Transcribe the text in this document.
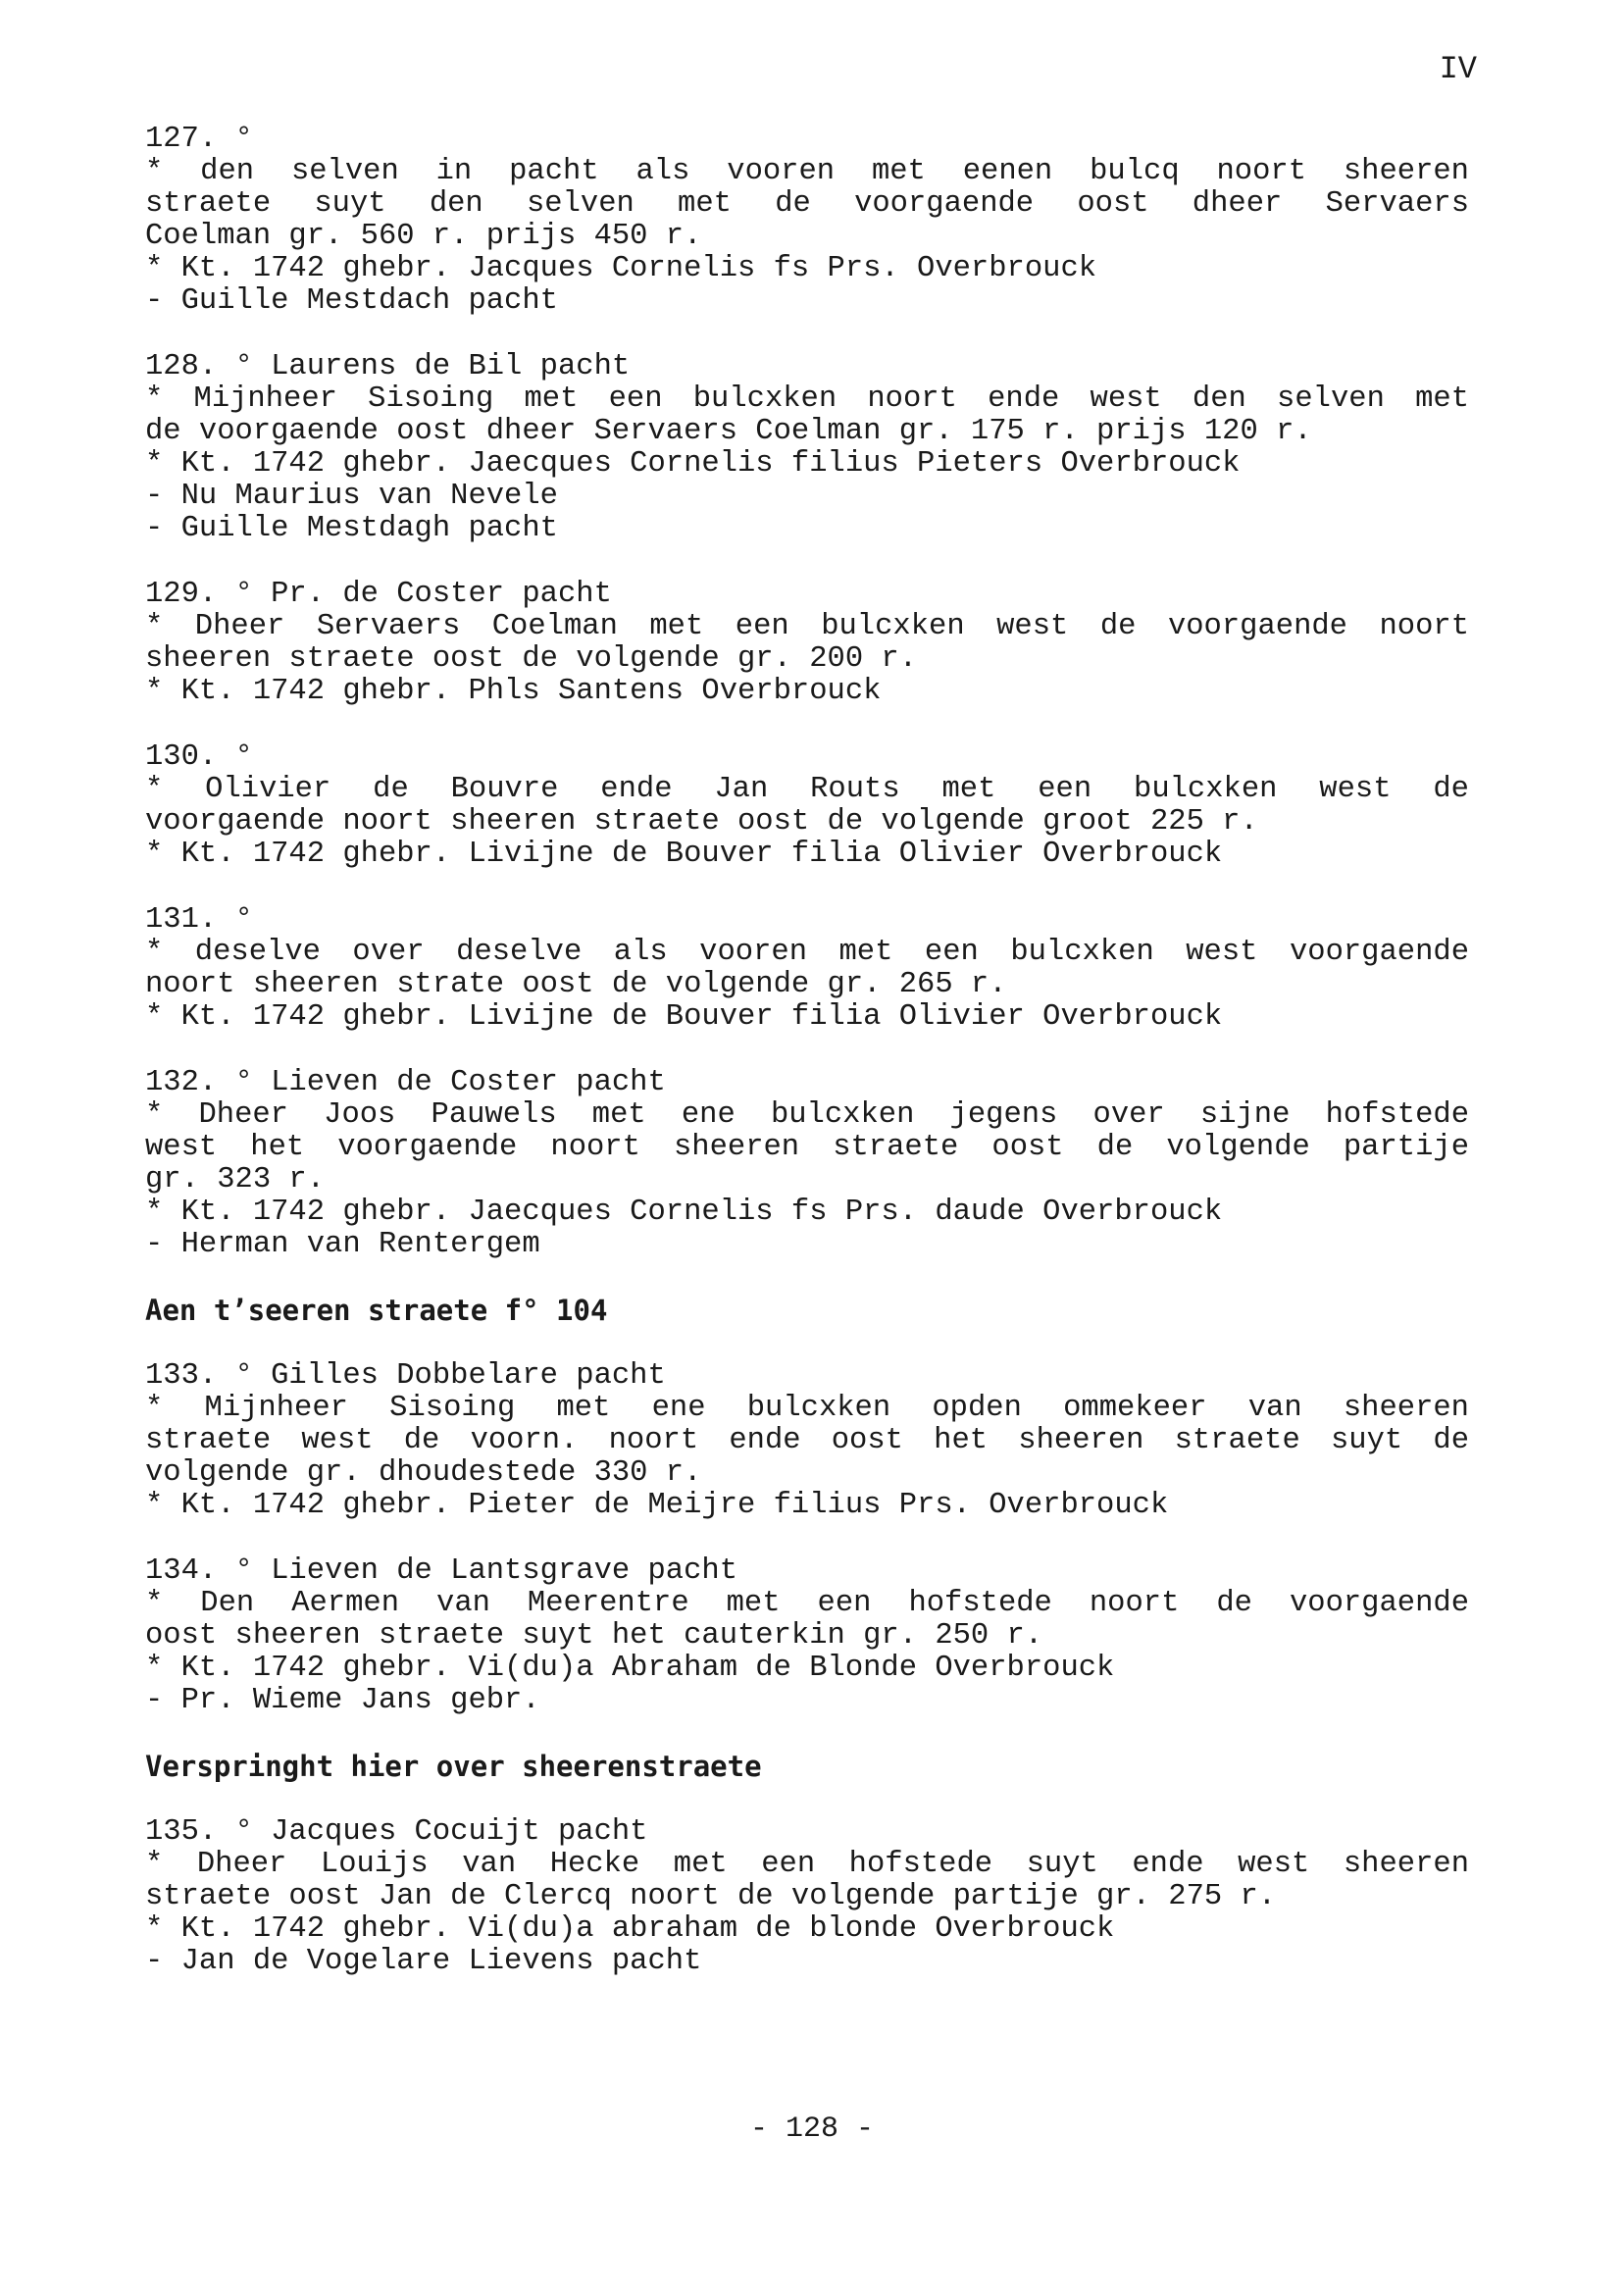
IV
127. °
* den selven in pacht als vooren met eenen bulcq noort sheeren
straete suyt den selven met de voorgaende oost dheer Servaers
Coelman gr. 560 r. prijs 450 r.
* Kt. 1742 ghebr. Jacques Cornelis fs Prs. Overbrouck
- Guille Mestdach pacht
128. ° Laurens de Bil pacht
* Mijnheer Sisoing met een bulcxken noort ende west den selven met
de voorgaende oost dheer Servaers Coelman gr. 175 r. prijs 120 r.
* Kt. 1742 ghebr. Jaecques Cornelis filius Pieters Overbrouck
- Nu Maurius van Nevele
- Guille Mestdagh pacht
129. ° Pr. de Coster pacht
* Dheer Servaers Coelman met een bulcxken west de voorgaende noort
sheeren straete oost de volgende gr. 200 r.
* Kt. 1742 ghebr. Phls Santens Overbrouck
130. °
* Olivier de Bouvre ende Jan Routs met een bulcxken west de
voorgaende noort sheeren straete oost de volgende groot 225 r.
* Kt. 1742 ghebr. Livijne de Bouver filia Olivier Overbrouck
131. °
* deselve over deselve als vooren met een bulcxken west voorgaende
noort sheeren strate oost de volgende gr. 265 r.
* Kt. 1742 ghebr. Livijne de Bouver filia Olivier Overbrouck
132. ° Lieven de Coster pacht
* Dheer Joos Pauwels met ene bulcxken jegens over sijne hofstede
west het voorgaende noort sheeren straete oost de volgende partije
gr. 323 r.
* Kt. 1742 ghebr. Jaecques Cornelis fs Prs. daude Overbrouck
- Herman van Rentergem
Aen t’seeren straete f° 104
133. ° Gilles Dobbelare pacht
* Mijnheer Sisoing met ene bulcxken opden ommekeer van sheeren
straete west de voorn. noort ende oost het sheeren straete suyt de
volgende gr. dhoudestede 330 r.
* Kt. 1742 ghebr. Pieter de Meijre filius Prs. Overbrouck
134. ° Lieven de Lantsgrave pacht
* Den Aermen van Meerentre met een hofstede noort de voorgaende
oost sheeren straete suyt het cauterkin gr. 250 r.
* Kt. 1742 ghebr. Vi(du)a Abraham de Blonde Overbrouck
- Pr. Wieme Jans gebr.
Verspringht hier over sheerenstraete
135. ° Jacques Cocuijt pacht
* Dheer Louijs van Hecke met een hofstede suyt ende west sheeren
straete oost Jan de Clercq noort de volgende partije gr. 275 r.
* Kt. 1742 ghebr. Vi(du)a abraham de blonde Overbrouck
- Jan de Vogelare Lievens pacht
- 128 -
